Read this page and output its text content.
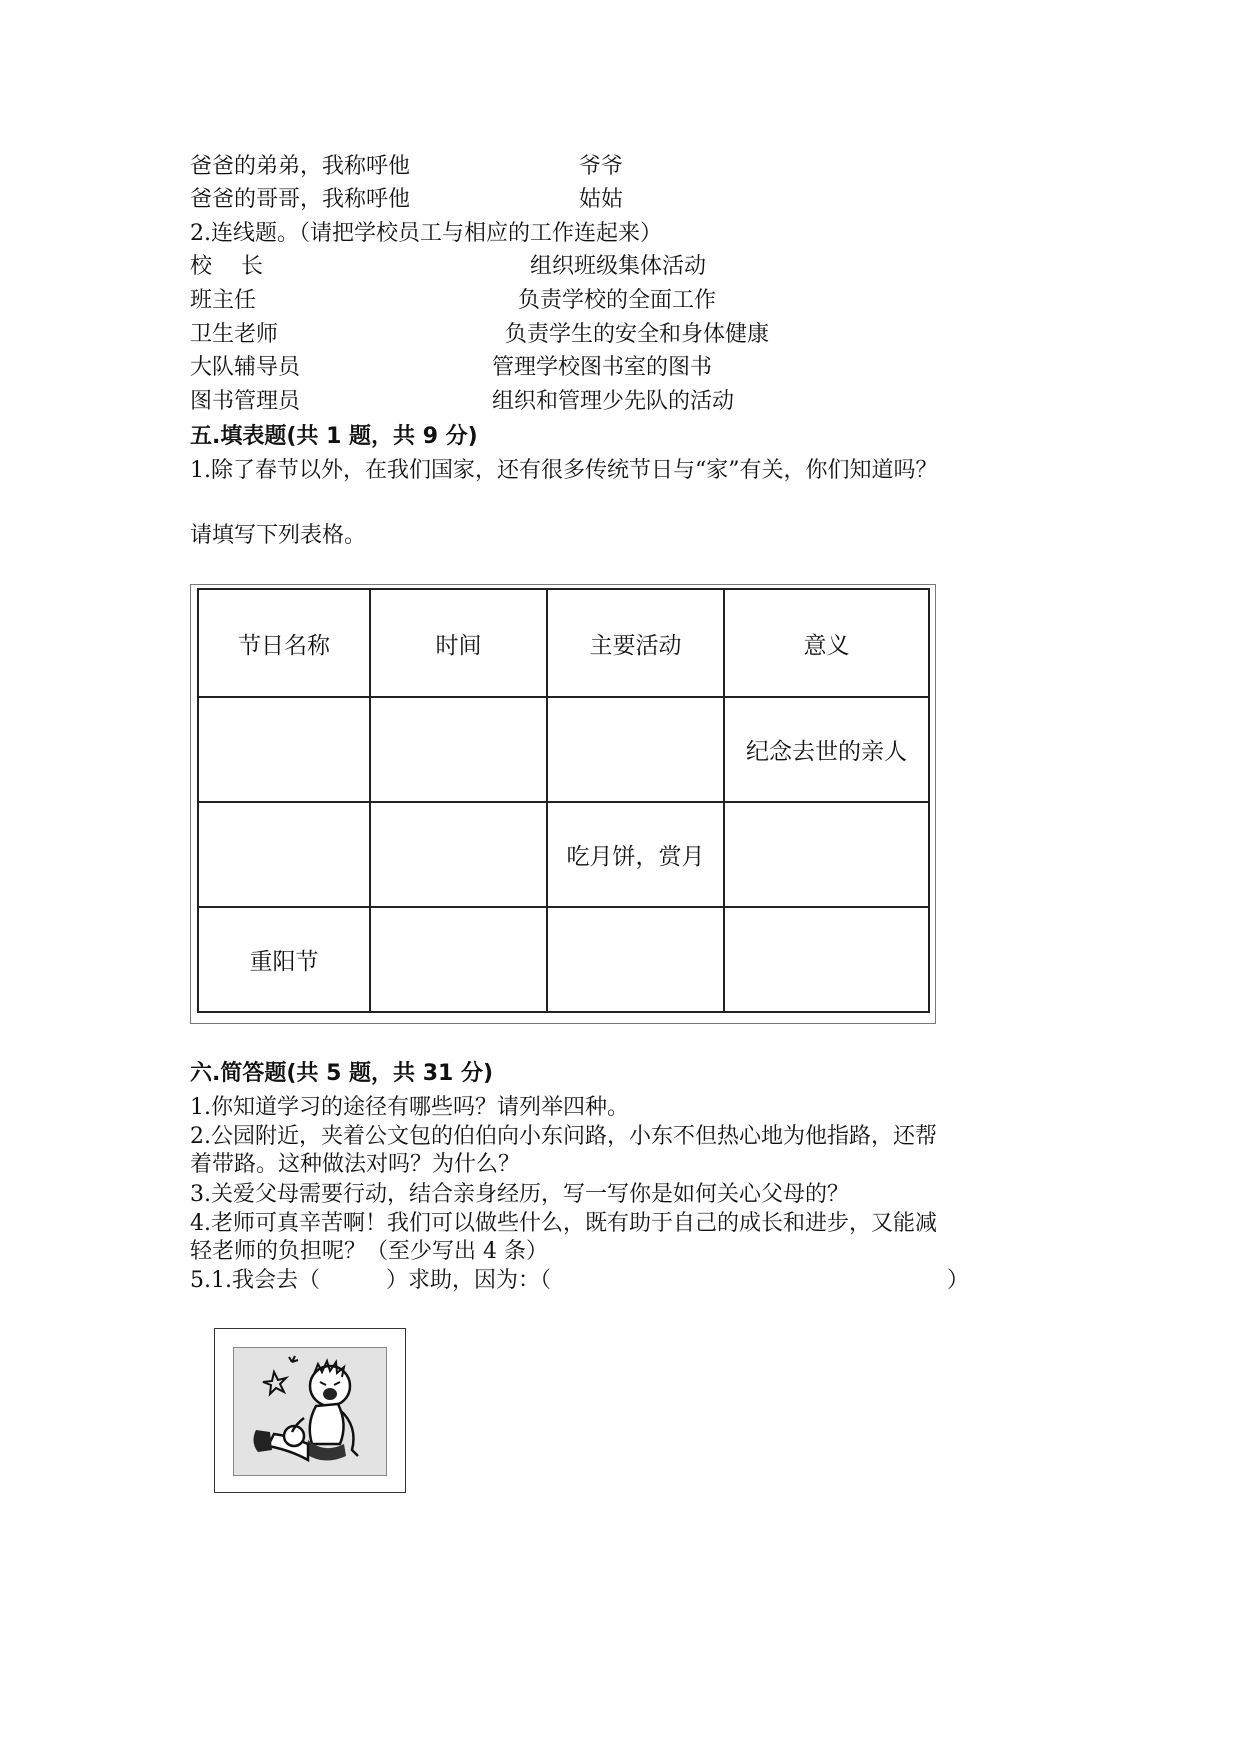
爸爸的弟弟，我称呼他	爷爷
爸爸的哥哥，我称呼他	姑姑
2.连线题。（请把学校员工与相应的工作连起来）
校　 长	组织班级集体活动
班主任	负责学校的全面工作
卫生老师	负责学生的安全和身体健康
大队辅导员	管理学校图书室的图书
图书管理员	组织和管理少先队的活动
五.填表题(共 1 题，共 9 分)
1.除了春节以外，在我们国家，还有很多传统节日与“家”有关，你们知道吗？
请填写下列表格。
节日名称	时间	主要活动	意义
			纪念去世的亲人
		吃月饼，赏月	
重阳节			
六.简答题(共 5 题，共 31 分)
1.你知道学习的途径有哪些吗？请列举四种。
2.公园附近，夹着公文包的伯伯向小东问路，小东不但热心地为他指路，还帮
着带路。这种做法对吗？为什么？
3.关爱父母需要行动，结合亲身经历，写一写你是如何关心父母的？
4.老师可真辛苦啊！我们可以做些什么，既有助于自己的成长和进步，又能减
轻老师的负担呢？（至少写出 4 条）
5.1.我会去（　　　）求助，因为：（　　　　　　　　　　　　　　　　　　）
